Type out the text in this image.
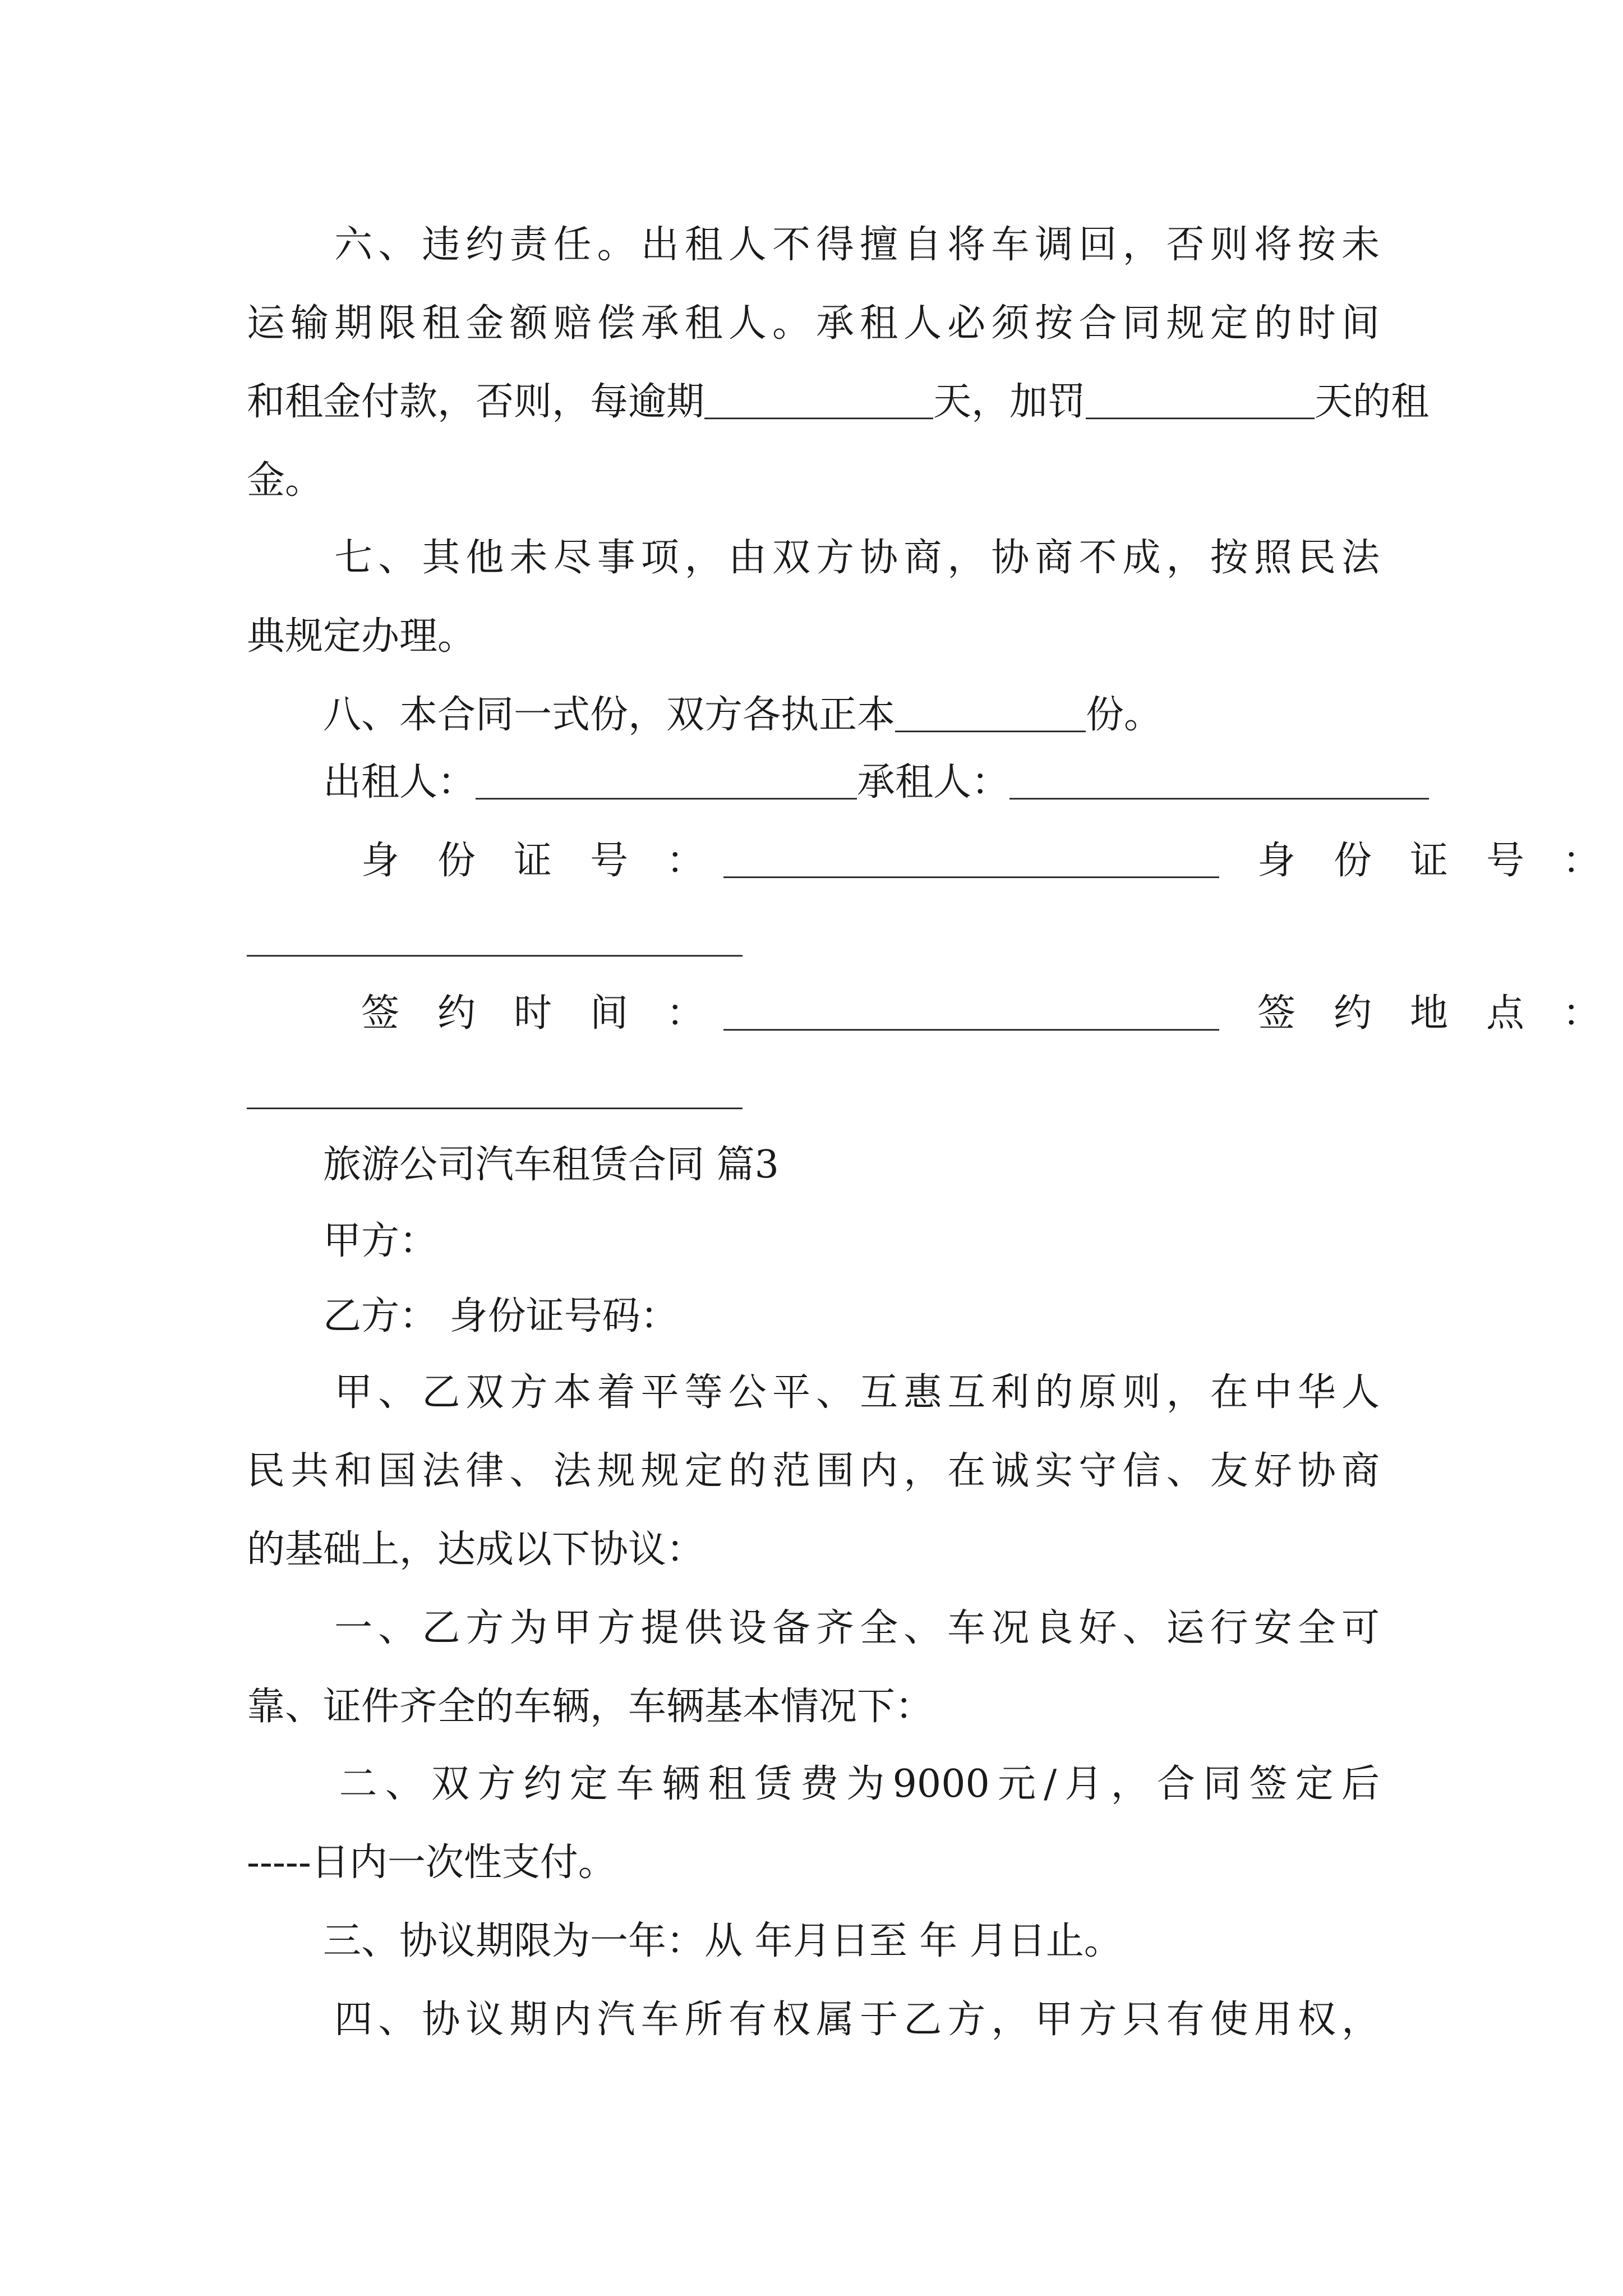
　　六、违约责任。出租人不得擅自将车调回，否则将按未
运输期限租金额赔偿承租人。承租人必须按合同规定的时间
和租金付款，否则，每逾期＿＿＿＿＿＿天，加罚＿＿＿＿＿＿天的租
金。
　　七、其他未尽事项，由双方协商，协商不成，按照民法
典规定办理。
　　八、本合同一式份，双方各执正本＿＿＿＿＿份。
　　出租人：＿＿＿＿＿＿＿＿＿＿承租人：＿＿＿＿＿＿＿＿＿＿＿
　　　身　份　证　号　：　＿＿＿＿＿＿＿＿＿＿＿＿＿　身　份　证　号　：
＿＿＿＿＿＿＿＿＿＿＿＿＿
　　　签　约　时　间　：　＿＿＿＿＿＿＿＿＿＿＿＿＿　签　约　地　点　：
＿＿＿＿＿＿＿＿＿＿＿＿＿
　　旅游公司汽车租赁合同 篇3
　　甲方：
　　乙方： 身份证号码：
　　甲、乙双方本着平等公平、互惠互利的原则，在中华人
民共和国法律、法规规定的范围内，在诚实守信、友好协商
的基础上，达成以下协议：
　　一、乙方为甲方提供设备齐全、车况良好、运行安全可
靠、证件齐全的车辆，车辆基本情况下：
　　二、双方约定车辆租赁费为9000元/月，合同签定后
-----日内一次性支付。
　　三、协议期限为一年：从 年月日至 年 月日止。
　　四、协议期内汽车所有权属于乙方，甲方只有使用权，
